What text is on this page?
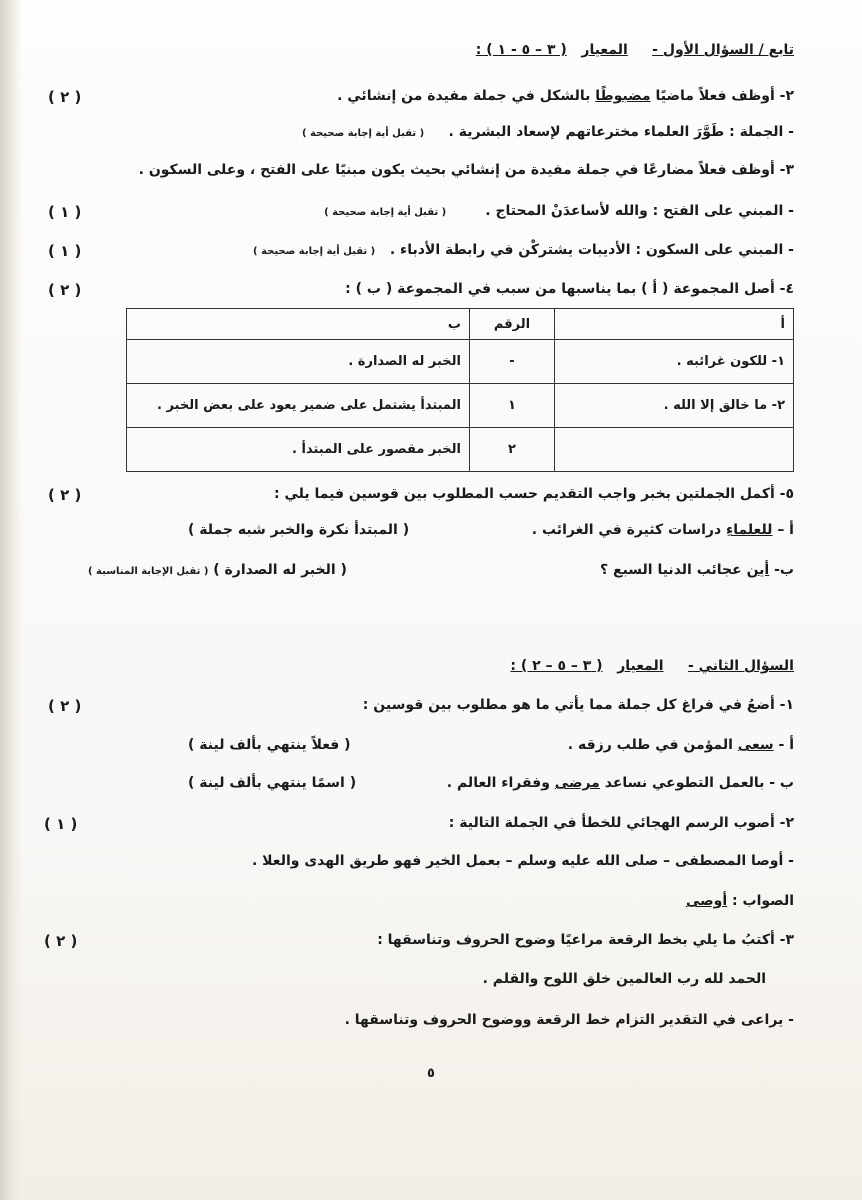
تابع / السؤال الأول -     المعيار   ( ٣ – ٥ - ١ ) :
٢- أوظف فعلاً ماضيًا مضبوطًا بالشكل في جملة مفيدة من إنشائي .
( ٢ )
- الجملة : طَوَّرَ العلماء مخترعاتهم لإسعاد البشرية .     ( تقبل أية إجابة صحيحة )
٣- أوظف فعلاً مضارعًا في جملة مفيدة من إنشائي بحيث يكون مبنيًا على الفتح ، وعلى السكون .
- المبني على الفتح : والله لأساعدَنْ المحتاج .        ( تقبل أية إجابة صحيحة )
( ١ )
- المبني على السكون : الأديبات يشتركْن في رابطة الأدباء .   ( تقبل أية إجابة صحيحة )
( ١ )
٤- أصل المجموعة ( أ ) بما يناسبها من سبب في المجموعة ( ب ) :
( ٢ )
أ	الرقم	ب
١- للكون غرائبه .	-	الخبر له الصدارة .
٢- ما خالق إلا الله .	١	المبتدأ يشتمل على ضمير يعود على بعض الخبر .
	٢	الخبر مقصور على المبتدأ .
٥- أكمل الجملتين بخبر واجب التقديم حسب المطلوب بين قوسين فيما يلي :
( ٢ )
أ – للعلماءِ دراسات كثيرة في الغرائب .
( المبتدأ نكرة والخبر شبه جملة )
ب- أين عجائب الدنيا السبع ؟
( الخبر له الصدارة ) ( تقبل الإجابة المناسبة )
السؤال الثاني -     المعيار   ( ٣ – ٥ – ٢ ) :
١- أضعُ في فراغ كل جملة مما يأتي ما هو مطلوب بين قوسين :
( ٢ )
أ - سعى المؤمن في طلب رزقه .
( فعلاً ينتهي بألف لينة )
ب - بالعمل التطوعي نساعد مرضى وفقراء العالم .
( اسمًا ينتهي بألف لينة )
٢- أصوب الرسم الهجائي للخطأ في الجملة التالية :
( ١ )
- أوصا المصطفى – صلى الله عليه وسلم – بعمل الخير فهو طريق الهدى والعلا .
الصواب : أوصى
٣- أكتبُ ما يلي بخط الرقعة مراعيًا وضوح الحروف وتناسقها :
( ٢ )
الحمد لله رب العالمين خلق اللوح والقلم .
- يراعى في التقدير التزام خط الرقعة ووضوح الحروف وتناسقها .
٥
